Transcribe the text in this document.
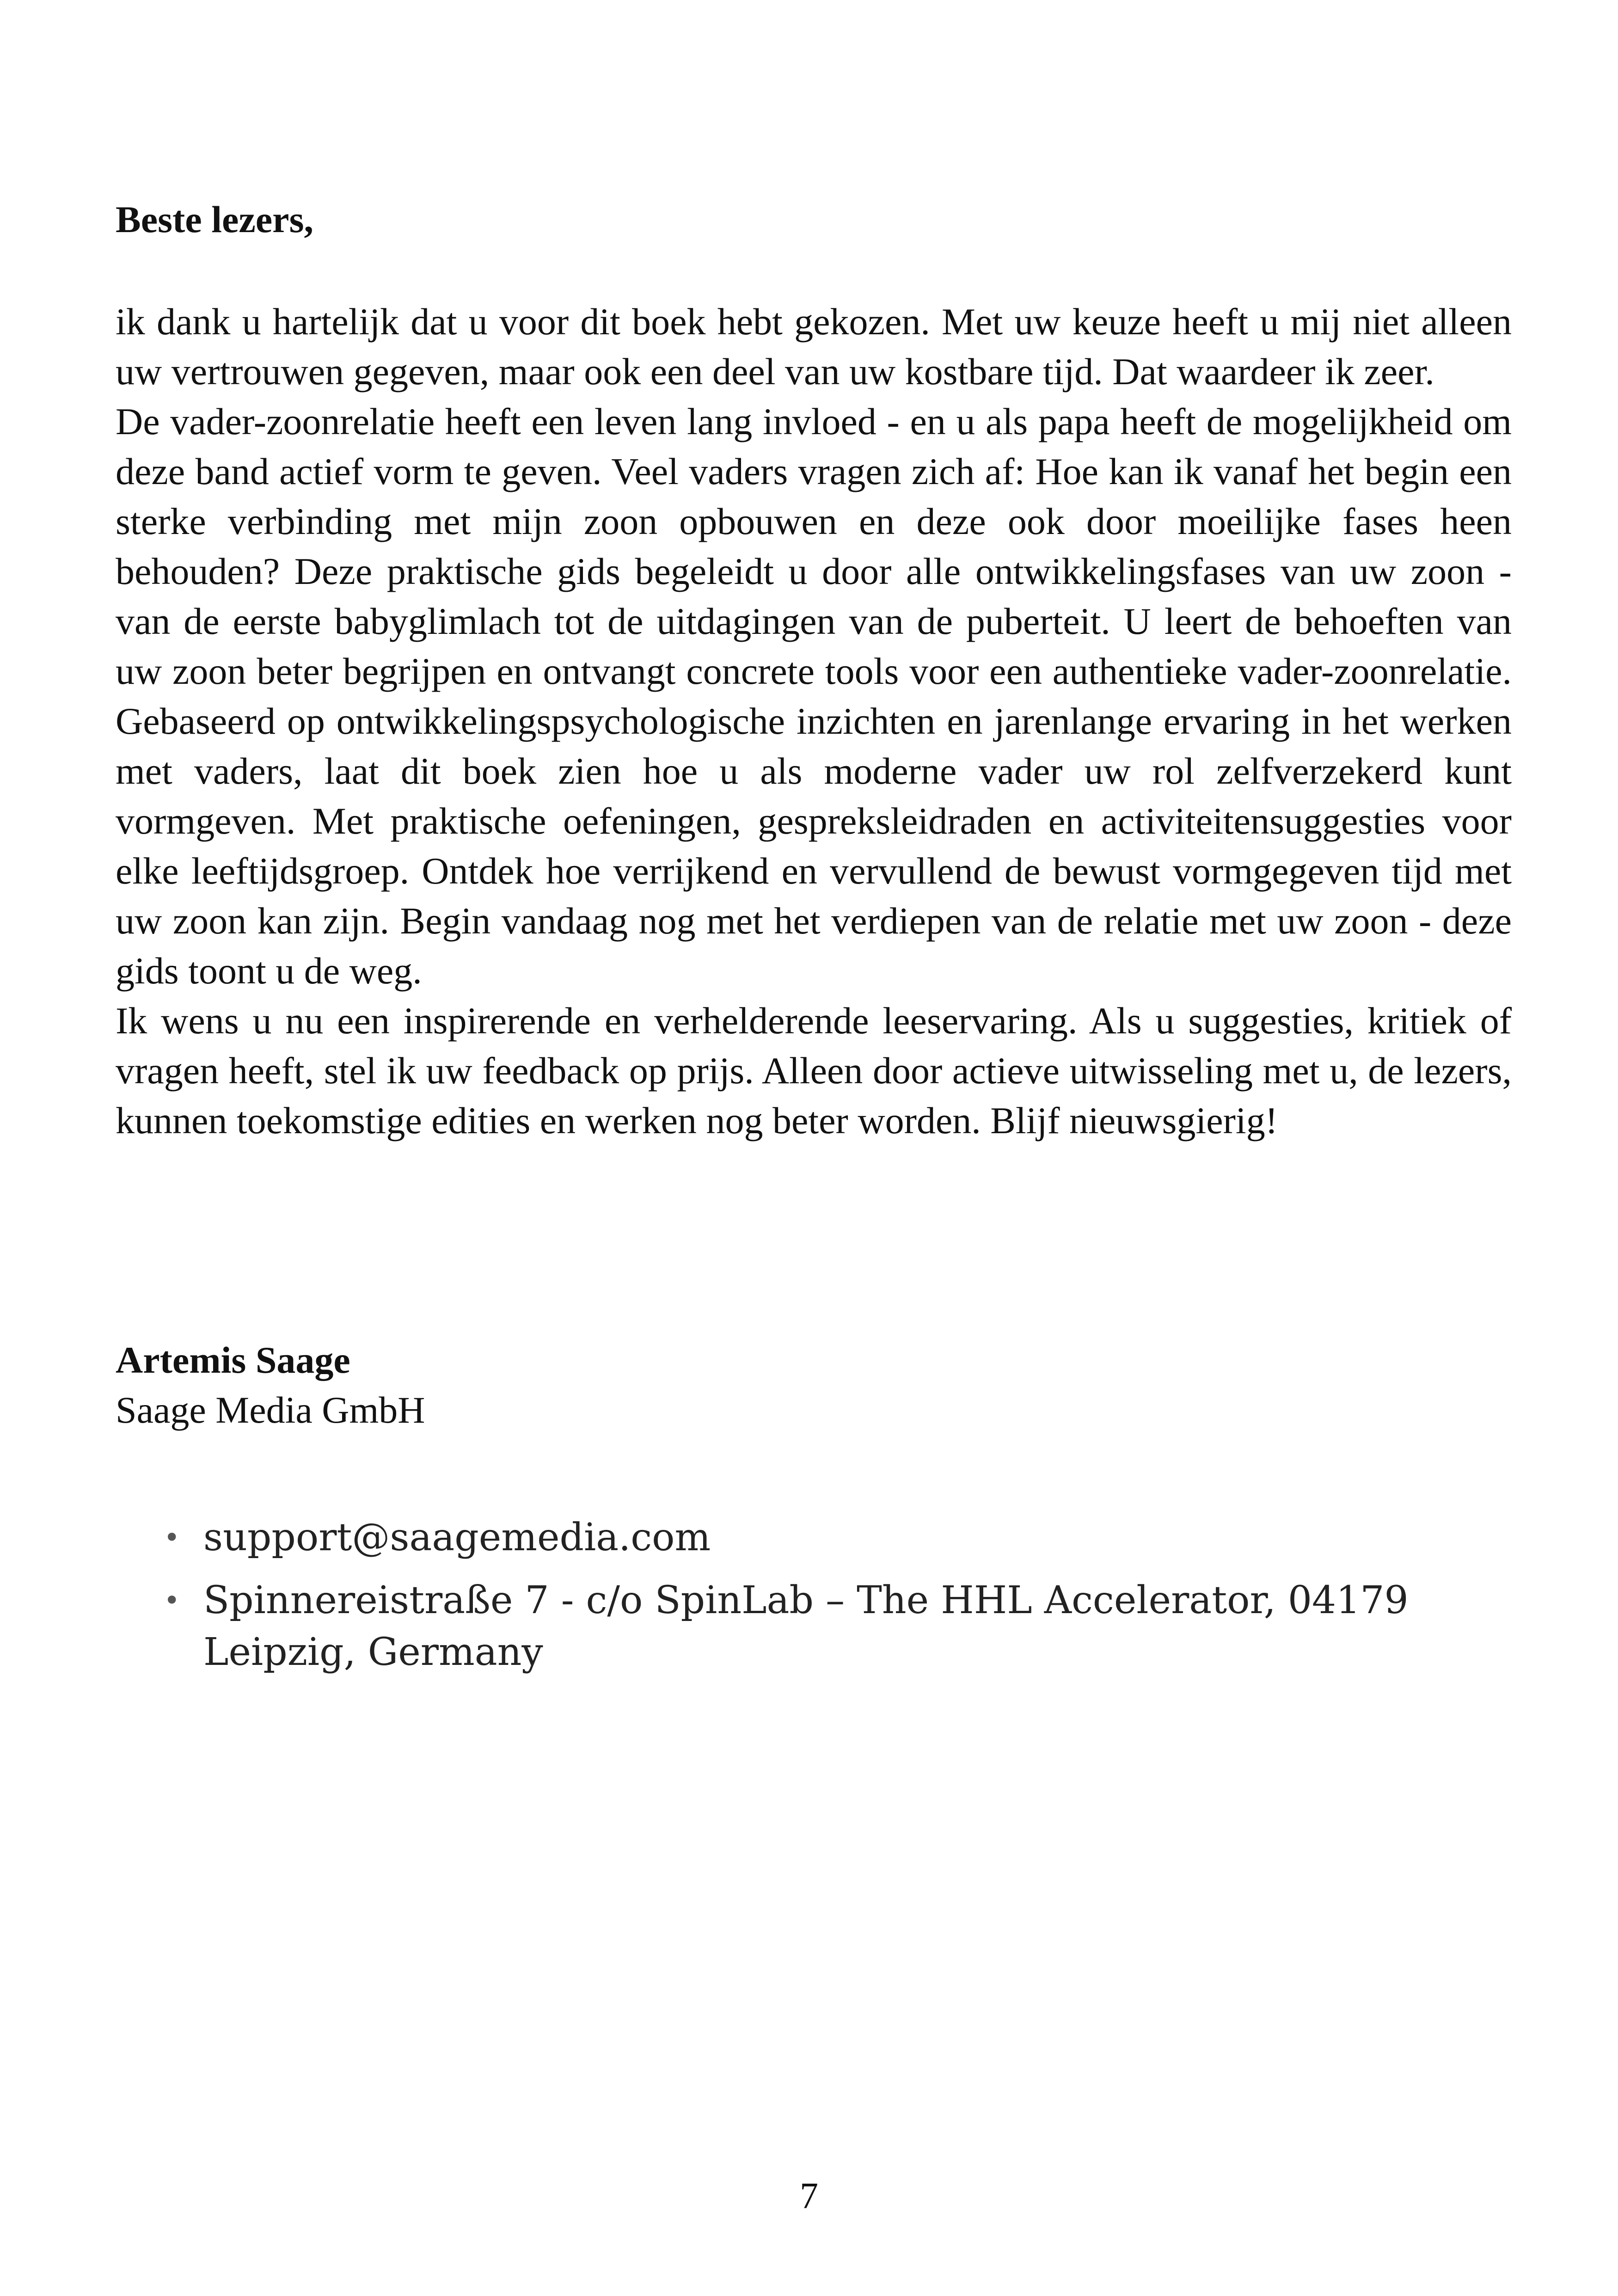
Beste lezers,

ik dank u hartelijk dat u voor dit boek hebt gekozen. Met uw keuze heeft u mij niet alleen uw vertrouwen gegeven, maar ook een deel van uw kostbare tijd. Dat waardeer ik zeer.

De vader-zoonrelatie heeft een leven lang invloed - en u als papa heeft de mogelijkheid om deze band actief vorm te geven. Veel vaders vragen zich af: Hoe kan ik vanaf het begin een sterke verbinding met mijn zoon opbouwen en deze ook door moeilijke fases heen behouden? Deze praktische gids begeleidt u door alle ontwikkelingsfases van uw zoon - van de eerste babyglimlach tot de uitdagingen van de puberteit. U leert de behoeften van uw zoon beter begrijpen en ontvangt concrete tools voor een authentieke vader-zoonrelatie. Gebaseerd op ontwikkelingspsychologische inzichten en jarenlange ervaring in het werken met vaders, laat dit boek zien hoe u als moderne vader uw rol zelfverzekerd kunt vormgeven. Met praktische oefeningen, gespreksleidraden en activiteitensuggesties voor elke leeftijdsgroep. Ontdek hoe verrijkend en vervullend de bewust vormgegeven tijd met uw zoon kan zijn. Begin vandaag nog met het verdiepen van de relatie met uw zoon - deze gids toont u de weg.

Ik wens u nu een inspirerende en verhelderende leeservaring. Als u suggesties, kritiek of vragen heeft, stel ik uw feedback op prijs. Alleen door actieve uitwisseling met u, de lezers, kunnen toekomstige edities en werken nog beter worden. Blijf nieuwsgierig!

Artemis Saage
Saage Media GmbH
• support@saagemedia.com
• Spinnereistraße 7 - c/o SpinLab – The HHL Accelerator, 04179 Leipzig, Germany
7
